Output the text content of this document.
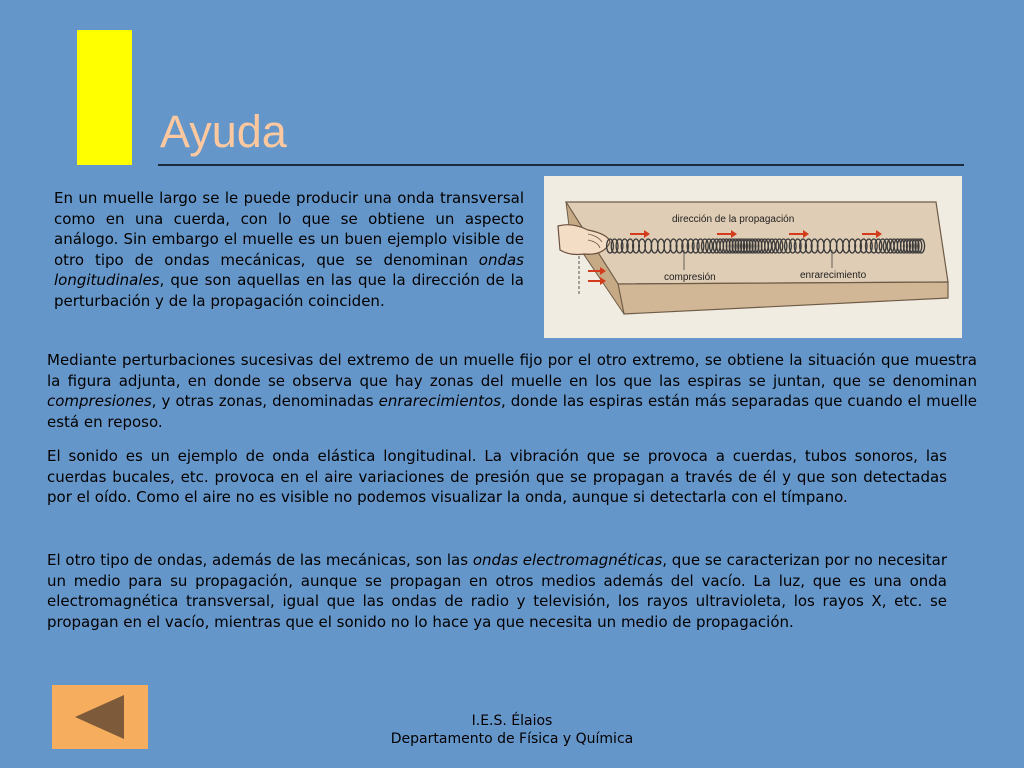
Ayuda

En un muelle largo se le puede producir una onda transversal como en una cuerda, con lo que se obtiene un aspecto análogo. Sin embargo el muelle es un buen ejemplo visible de otro tipo de ondas mecánicas, que se denominan ondas longitudinales, que son aquellas en las que la dirección de la perturbación y de la propagación coinciden.

dirección de la propagación
compresión	enrarecimiento

Mediante perturbaciones sucesivas del extremo de un muelle fijo por el otro extremo, se obtiene la situación que muestra la figura adjunta, en donde se observa que hay zonas del muelle en los que las espiras se juntan, que se denominan compresiones, y otras zonas, denominadas enrarecimientos, donde las espiras están más separadas que cuando el muelle está en reposo.

El sonido es un ejemplo de onda elástica longitudinal. La vibración que se provoca a cuerdas, tubos sonoros, las cuerdas bucales, etc. provoca en el aire variaciones de presión que se propagan a través de él y que son detectadas por el oído. Como el aire no es visible no podemos visualizar la onda, aunque si detectarla con el tímpano.

El otro tipo de ondas, además de las mecánicas, son las ondas electromagnéticas, que se caracterizan por no necesitar un medio para su propagación, aunque se propagan en otros medios además del vacío. La luz, que es una onda electromagnética transversal, igual que las ondas de radio y televisión, los rayos ultravioleta, los rayos X, etc. se propagan en el vacío, mientras que el sonido no lo hace ya que necesita un medio de propagación.

I.E.S. Élaios
Departamento de Física y Química
